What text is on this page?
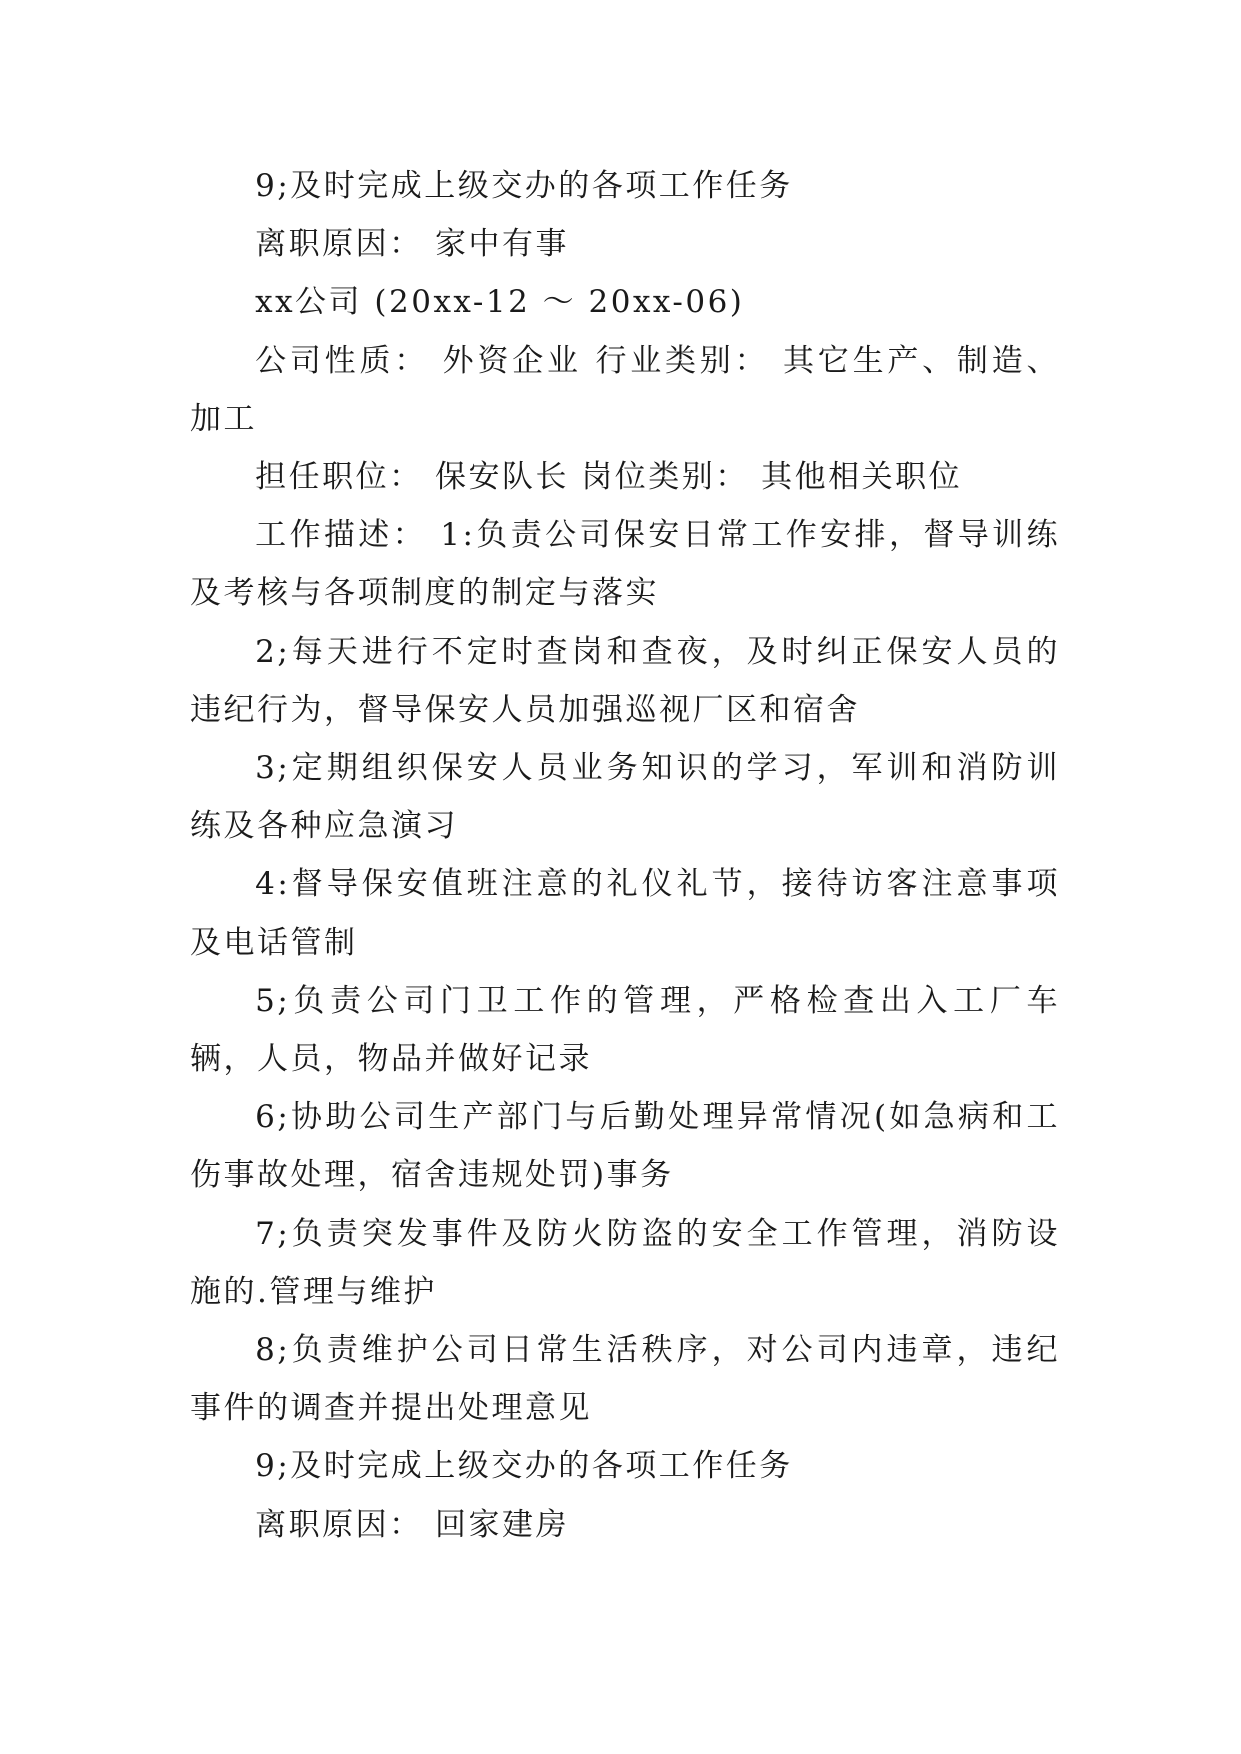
9;及时完成上级交办的各项工作任务

离职原因： 家中有事

xx公司 (20xx-12 ～ 20xx-06)

公司性质： 外资企业 行业类别： 其它生产、制造、加工

担任职位： 保安队长 岗位类别： 其他相关职位

工作描述： 1:负责公司保安日常工作安排，督导训练及考核与各项制度的制定与落实

2;每天进行不定时查岗和查夜，及时纠正保安人员的违纪行为，督导保安人员加强巡视厂区和宿舍

3;定期组织保安人员业务知识的学习，军训和消防训练及各种应急演习

4:督导保安值班注意的礼仪礼节，接待访客注意事项及电话管制

5;负责公司门卫工作的管理，严格检查出入工厂车辆，人员，物品并做好记录

6;协助公司生产部门与后勤处理异常情况(如急病和工伤事故处理，宿舍违规处罚)事务

7;负责突发事件及防火防盗的安全工作管理，消防设施的.管理与维护

8;负责维护公司日常生活秩序，对公司内违章，违纪事件的调查并提出处理意见

9;及时完成上级交办的各项工作任务

离职原因： 回家建房
